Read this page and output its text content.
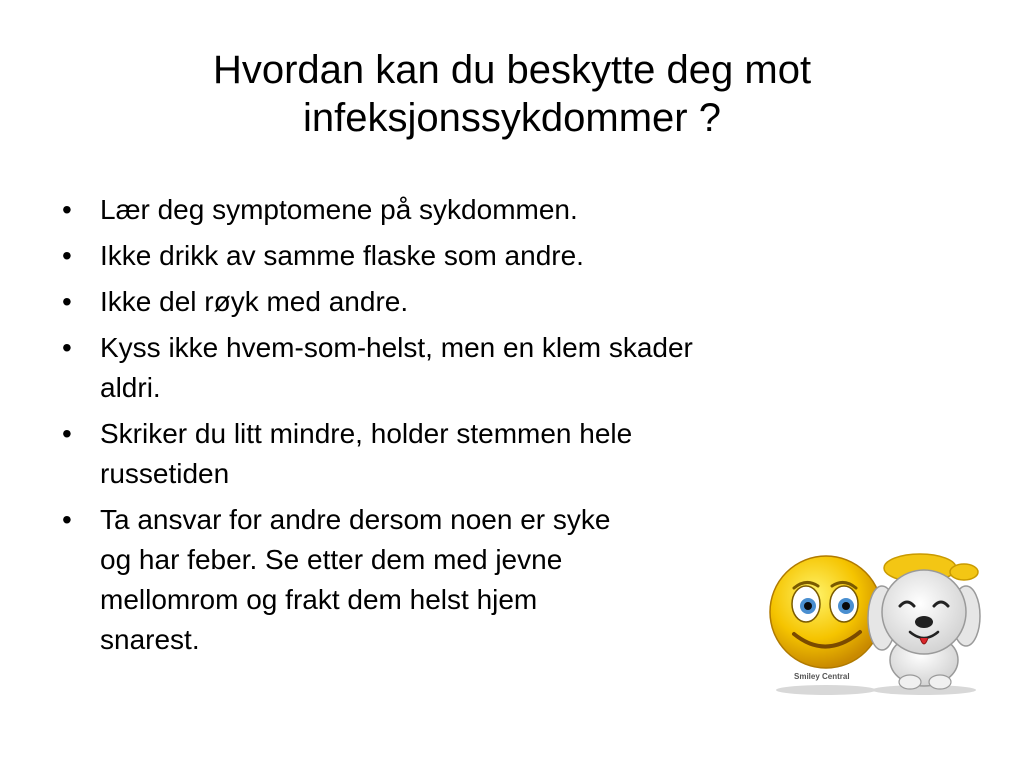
Hvordan kan du beskytte deg mot
infeksjonssykdommer ?
• Lær deg symptomene på sykdommen.
• Ikke drikk av samme flaske som andre.
• Ikke del røyk med andre.
• Kyss ikke hvem-som-helst, men en klem skader
aldri.
• Skriker du litt mindre, holder stemmen hele
russetiden
• Ta ansvar for andre dersom noen er syke
og har feber. Se etter dem med jevne
mellomrom og frakt dem helst hjem
snarest.
Smiley Central
